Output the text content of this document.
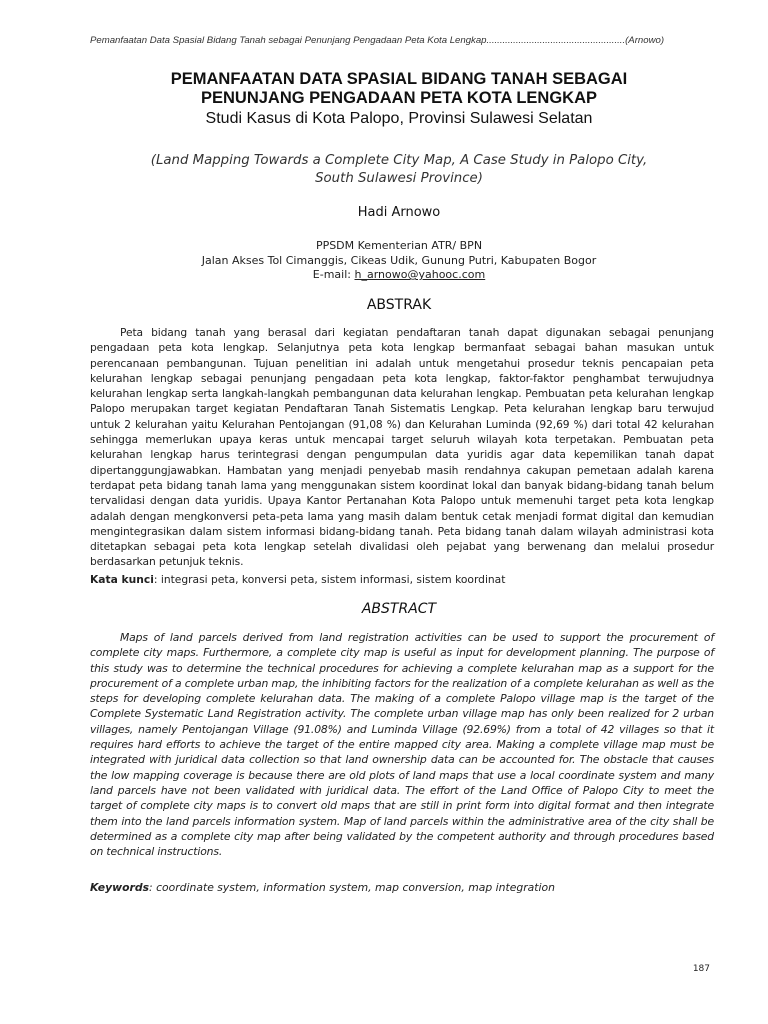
Pemanfaatan Data Spasial Bidang Tanah sebagai Penunjang Pengadaan Peta Kota Lengkap....................................................(Arnowo)

PEMANFAATAN DATA SPASIAL BIDANG TANAH SEBAGAI

PENUNJANG PENGADAAN PETA KOTA LENGKAP

Studi Kasus di Kota Palopo, Provinsi Sulawesi Selatan

(Land Mapping Towards a Complete City Map, A Case Study in Palopo City,
South Sulawesi Province)
Hadi Arnowo
PPSDM Kementerian ATR/ BPN
Jalan Akses Tol Cimanggis, Cikeas Udik, Gunung Putri, Kabupaten Bogor
E-mail: h_arnowo@yahooc.com
ABSTRAK

Peta bidang tanah yang berasal dari kegiatan pendaftaran tanah dapat digunakan sebagai penunjang pengadaan peta kota lengkap. Selanjutnya peta kota lengkap bermanfaat sebagai bahan masukan untuk perencanaan pembangunan. Tujuan penelitian ini adalah untuk mengetahui prosedur teknis pencapaian peta kelurahan lengkap sebagai penunjang pengadaan peta kota lengkap, faktor-faktor penghambat terwujudnya kelurahan lengkap serta langkah-langkah pembangunan data kelurahan lengkap. Pembuatan peta kelurahan lengkap Palopo merupakan target kegiatan Pendaftaran Tanah Sistematis Lengkap. Peta kelurahan lengkap baru terwujud untuk 2 kelurahan yaitu Kelurahan Pentojangan (91,08 %) dan Kelurahan Luminda (92,69 %) dari total 42 kelurahan sehingga memerlukan upaya keras untuk mencapai target seluruh wilayah kota terpetakan. Pembuatan peta kelurahan lengkap harus terintegrasi dengan pengumpulan data yuridis agar data kepemilikan tanah dapat dipertanggungjawabkan. Hambatan yang menjadi penyebab masih rendahnya cakupan pemetaan adalah karena terdapat peta bidang tanah lama yang menggunakan sistem koordinat lokal dan banyak bidang-bidang tanah belum tervalidasi dengan data yuridis. Upaya Kantor Pertanahan Kota Palopo untuk memenuhi target peta kota lengkap adalah dengan mengkonversi peta-peta lama yang masih dalam bentuk cetak menjadi format digital dan kemudian mengintegrasikan dalam sistem informasi bidang-bidang tanah. Peta bidang tanah dalam wilayah administrasi kota ditetapkan sebagai peta kota lengkap setelah divalidasi oleh pejabat yang berwenang dan melalui prosedur berdasarkan petunjuk teknis.

Kata kunci: integrasi peta, konversi peta, sistem informasi, sistem koordinat
ABSTRACT

Maps of land parcels derived from land registration activities can be used to support the procurement of complete city maps. Furthermore, a complete city map is useful as input for development planning. The purpose of this study was to determine the technical procedures for achieving a complete kelurahan map as a support for the procurement of a complete urban map, the inhibiting factors for the realization of a complete kelurahan as well as the steps for developing complete kelurahan data. The making of a complete Palopo village map is the target of the Complete Systematic Land Registration activity. The complete urban village map has only been realized for 2 urban villages, namely Pentojangan Village (91.08%) and Luminda Village (92.69%) from a total of 42 villages so that it requires hard efforts to achieve the target of the entire mapped city area. Making a complete village map must be integrated with juridical data collection so that land ownership data can be accounted for. The obstacle that causes the low mapping coverage is because there are old plots of land maps that use a local coordinate system and many land parcels have not been validated with juridical data. The effort of the Land Office of Palopo City to meet the target of complete city maps is to convert old maps that are still in print form into digital format and then integrate them into the land parcels information system. Map of land parcels within the administrative area of the city shall be determined as a complete city map after being validated by the competent authority and through procedures based on technical instructions.

Keywords: coordinate system, information system, map conversion, map integration
187
